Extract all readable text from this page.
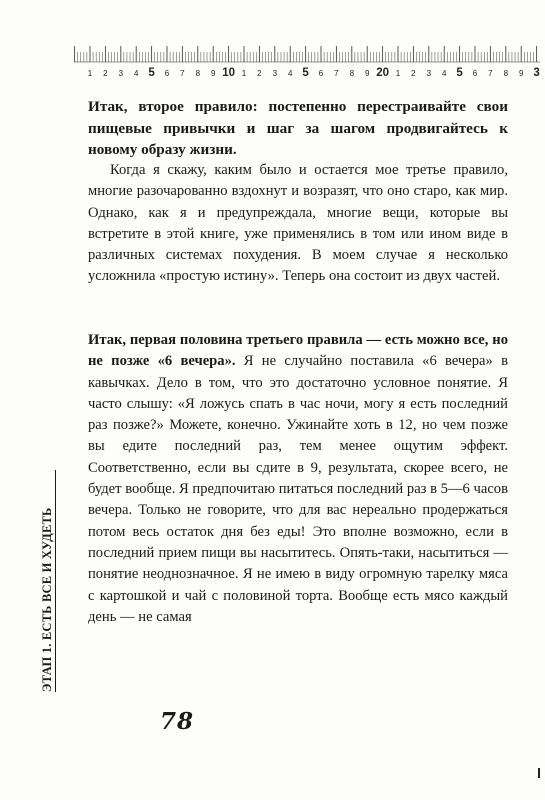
1 2 3 4 5 6 7 8 9 10 1 2 3 4 5 6 7 8 9 20 1 2 3 4 5 6 7 8 9 3

Итак, второе правило: постепенно перестраивайте свои пищевые привычки и шаг за шагом продвигайтесь к новому образу жизни.

Когда я скажу, каким было и остается мое третье правило, многие разочарованно вздохнут и возразят, что оно старо, как мир. Однако, как я и предупреждала, многие вещи, которые вы встретите в этой книге, уже применялись в том или ином виде в различных системах похудения. В моем случае я несколько усложнила «простую истину». Теперь она состоит из двух частей.

Итак, первая половина третьего правила — есть можно все, но не позже «6 вечера». Я не случайно поставила «6 вечера» в кавычках. Дело в том, что это достаточно условное понятие. Я часто слышу: «Я ложусь спать в час ночи, могу я есть последний раз позже?» Можете, конечно. Ужинайте хоть в 12, но чем позже вы едите последний раз, тем менее ощутим эффект. Соответственно, если вы сдите в 9, результата, скорее всего, не будет вообще. Я предпочитаю питаться последний раз в 5—6 часов вечера. Только не говорите, что для вас нереально продержаться потом весь остаток дня без еды! Это вполне возможно, если в последний прием пищи вы насытитесь. Опять-таки, насытиться — понятие неоднозначное. Я не имею в виду огромную тарелку мяса с картошкой и чай с половиной торта. Вообще есть мясо каждый день — не самая

ЭТАП 1. ЕСТЬ ВСЕ И ХУДЕТЬ
78
